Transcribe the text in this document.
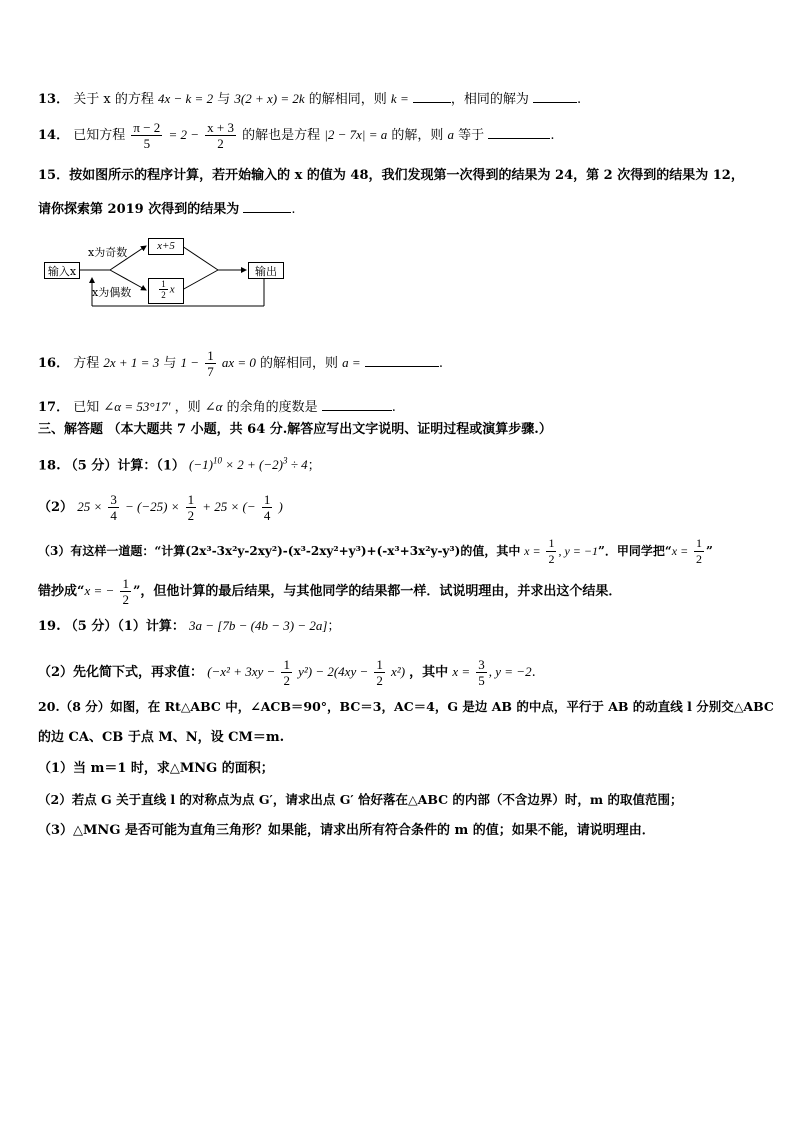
13． 关于 x 的方程 4x − k = 2 与 3(2 + x) = 2k 的解相同，则 k =	，相同的解为	.
14． 已知方程 $\frac{\pi - 2}{5} = 2 - \frac{x + 3}{2}$ 的解也是方程 |2 − 7x| = a 的解，则 a 等于	.
15．按如图所示的程序计算，若开始输入的 x 的值为 48，我们发现第一次得到的结果为 24，第 2 次得到的结果为 12，
请你探索第 2019 次得到的结果为	.
输入x
x+5
$\frac{1}{2}$ x
输出
x为奇数
x为偶数
16． 方程 2x + 1 = 3 与 $1 - \frac{1}{7}$ ax = 0 的解相同，则 a =	.
17． 已知 ∠α = 53°17′ ，则 ∠α 的余角的度数是	.
三、解答题 （本大题共 7 小题，共 64 分.解答应写出文字说明、证明过程或演算步骤.）
18. （5 分）计算：（1） $(-1)^{10} \times 2 + (-2)^3 \div 4$；
（2） $25 \times \frac{3}{4} - (-25) \times \frac{1}{2} + 25$ × (− $\frac{1}{4}$ )
（3）有这样一道题：“计算(2x³-3x²y-2xy²)-(x³-2xy²+y³)+(-x³+3x²y-y³)的值，其中 $x = \frac{1}{2}$ , y = −1”．甲同学把“$x = \frac{1}{2}$ ”
错抄成“x = − $\frac{1}{2}$ ”，但他计算的最后结果，与其他同学的结果都一样．试说明理由，并求出这个结果．
19. （5 分）（1）计算： 3a − [7b − (4b − 3) − 2a]；
（2）先化简下式，再求值： $(-x^2 + 3xy - \frac{1}{2} y^2) - 2(4xy - \frac{1}{2} x^2)$ ，其中 $x = \frac{3}{5}$ , y = −2.
20.（8 分）如图，在 Rt△ABC 中，∠ACB＝90°，BC＝3，AC＝4，G 是边 AB 的中点，平行于 AB 的动直线 l 分别交△ABC
的边 CA、CB 于点 M、N，设 CM＝m.
（1）当 m＝1 时，求△MNG 的面积；
（2）若点 G 关于直线 l 的对称点为点 G′，请求出点 G′ 恰好落在△ABC 的内部（不含边界）时，m 的取值范围；
（3）△MNG 是否可能为直角三角形？如果能，请求出所有符合条件的 m 的值；如果不能，请说明理由．
